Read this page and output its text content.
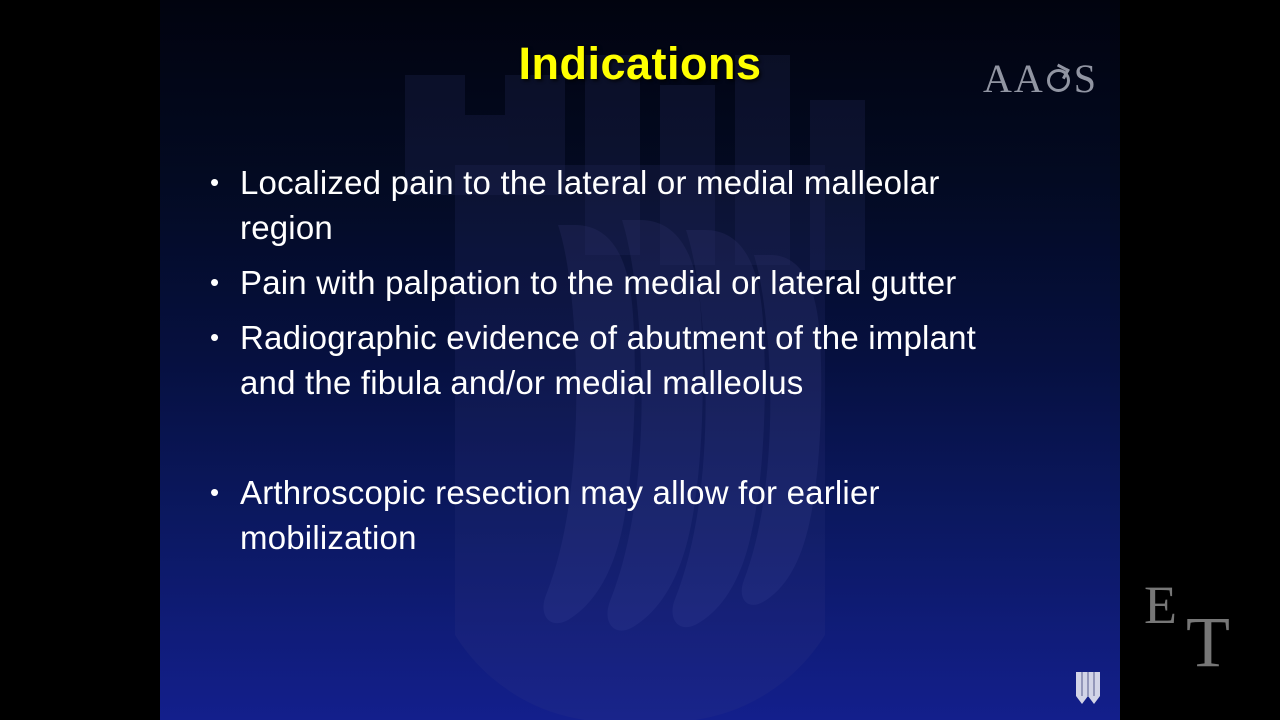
Indications	AA S
• Localized pain to the lateral or medial malleolar region
• Pain with palpation to the medial or lateral gutter
• Radiographic evidence of abutment of the implant and the fibula and/or medial malleolus
• Arthroscopic resection may allow for earlier mobilization
E T
